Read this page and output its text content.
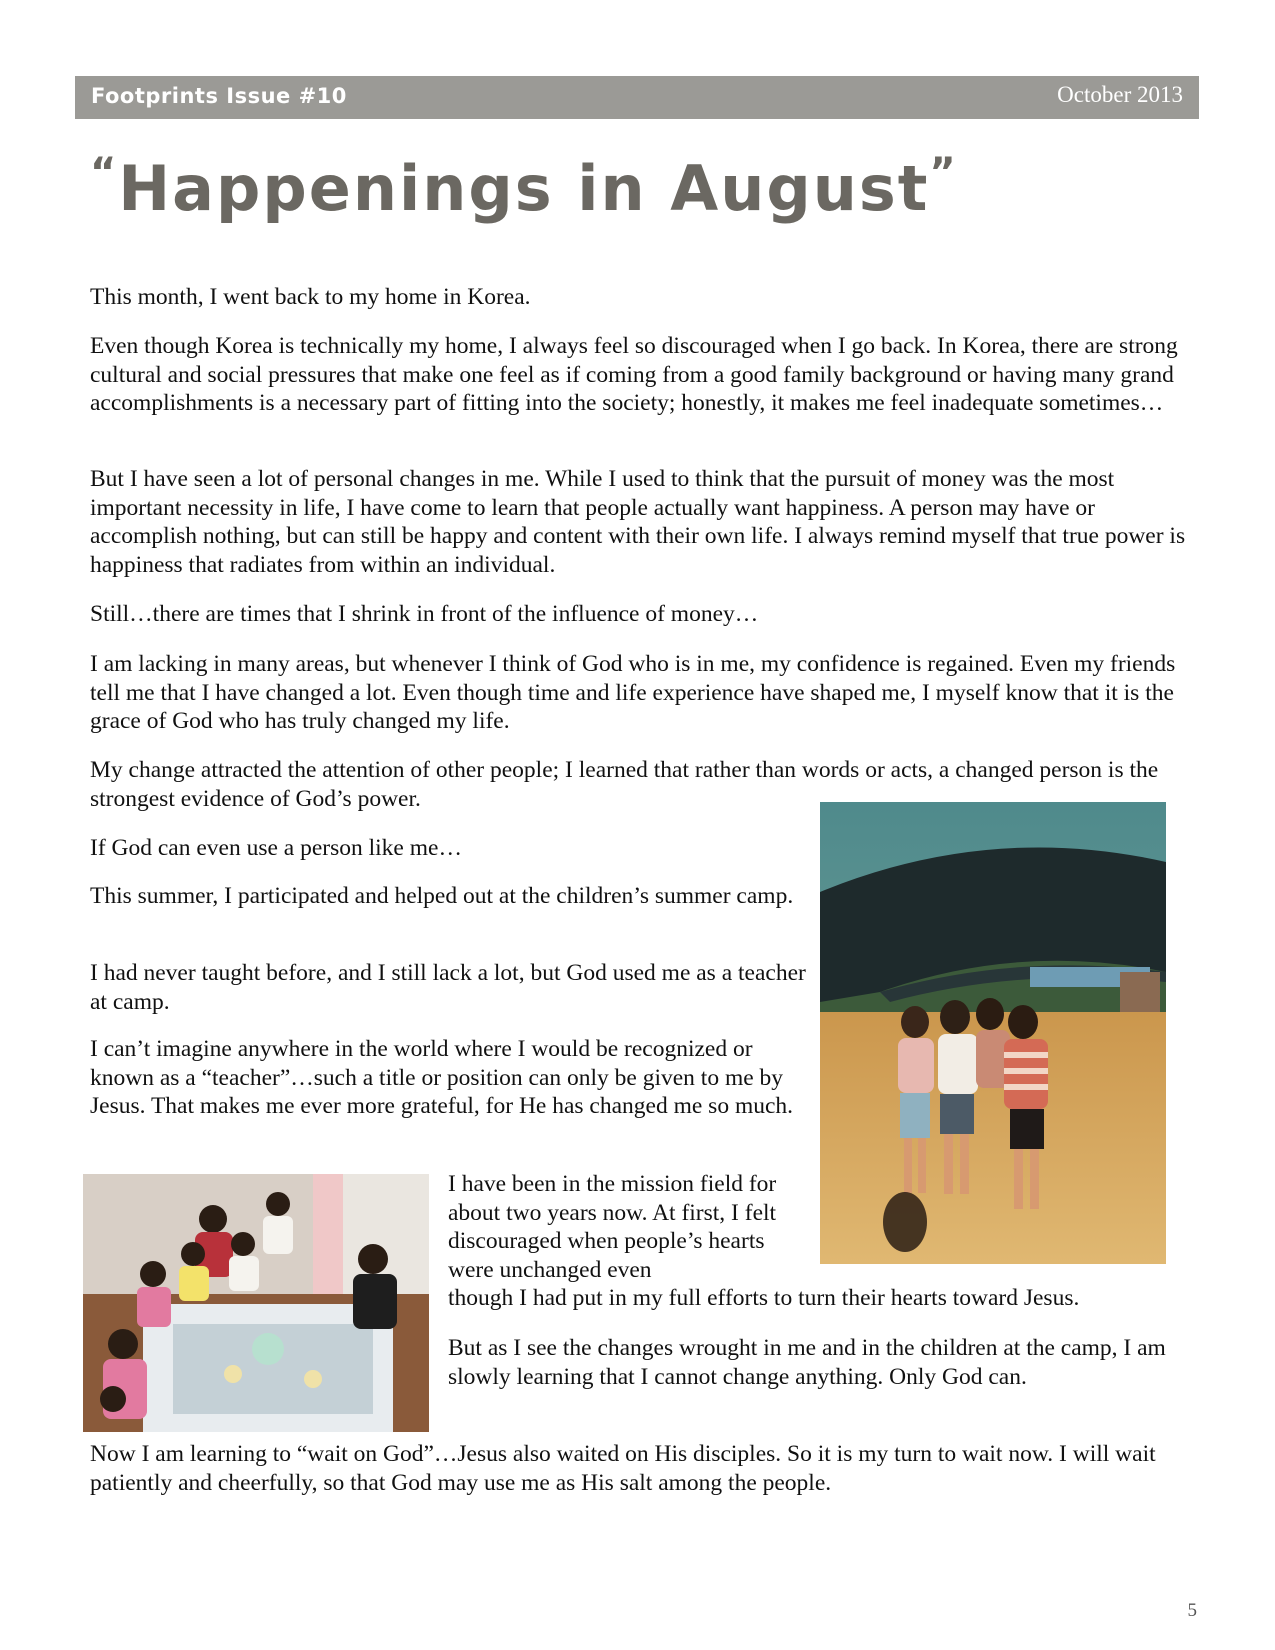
Footprints Issue #10	October 2013
“Happenings in August”

This month, I went back to my home in Korea.

Even though Korea is technically my home, I always feel so discouraged when I go back. In Korea, there are strong cultural and social pressures that make one feel as if coming from a good family background or having many grand accomplishments is a necessary part of fitting into the society; honestly, it makes me feel inadequate sometimes…

But I have seen a lot of personal changes in me. While I used to think that the pursuit of money was the most important necessity in life, I have come to learn that people actually want happiness. A person may have or accomplish nothing, but can still be happy and content with their own life. I always remind myself that true power is happiness that radiates from within an individual.

Still…there are times that I shrink in front of the influence of money…

I am lacking in many areas, but whenever I think of God who is in me, my confidence is regained. Even my friends tell me that I have changed a lot. Even though time and life experience have shaped me, I myself know that it is the grace of God who has truly changed my life.

My change attracted the attention of other people; I learned that rather than words or acts, a changed person is the strongest evidence of God’s power.

If God can even use a person like me…

This summer, I participated and helped out at the children’s summer camp.

I had never taught before, and I still lack a lot, but God used me as a teacher at camp.

I can’t imagine anywhere in the world where I would be recognized or known as a “teacher”…such a title or position can only be given to me by Jesus. That makes me ever more grateful, for He has changed me so much.

I have been in the mission field for about two years now. At first, I felt discouraged when people’s hearts were unchanged even

though I had put in my full efforts to turn their hearts toward Jesus.

But as I see the changes wrought in me and in the children at the camp, I am slowly learning that I cannot change anything. Only God can.

Now I am learning to “wait on God”…Jesus also waited on His disciples. So it is my turn to wait now. I will wait patiently and cheerfully, so that God may use me as His salt among the people.

5
